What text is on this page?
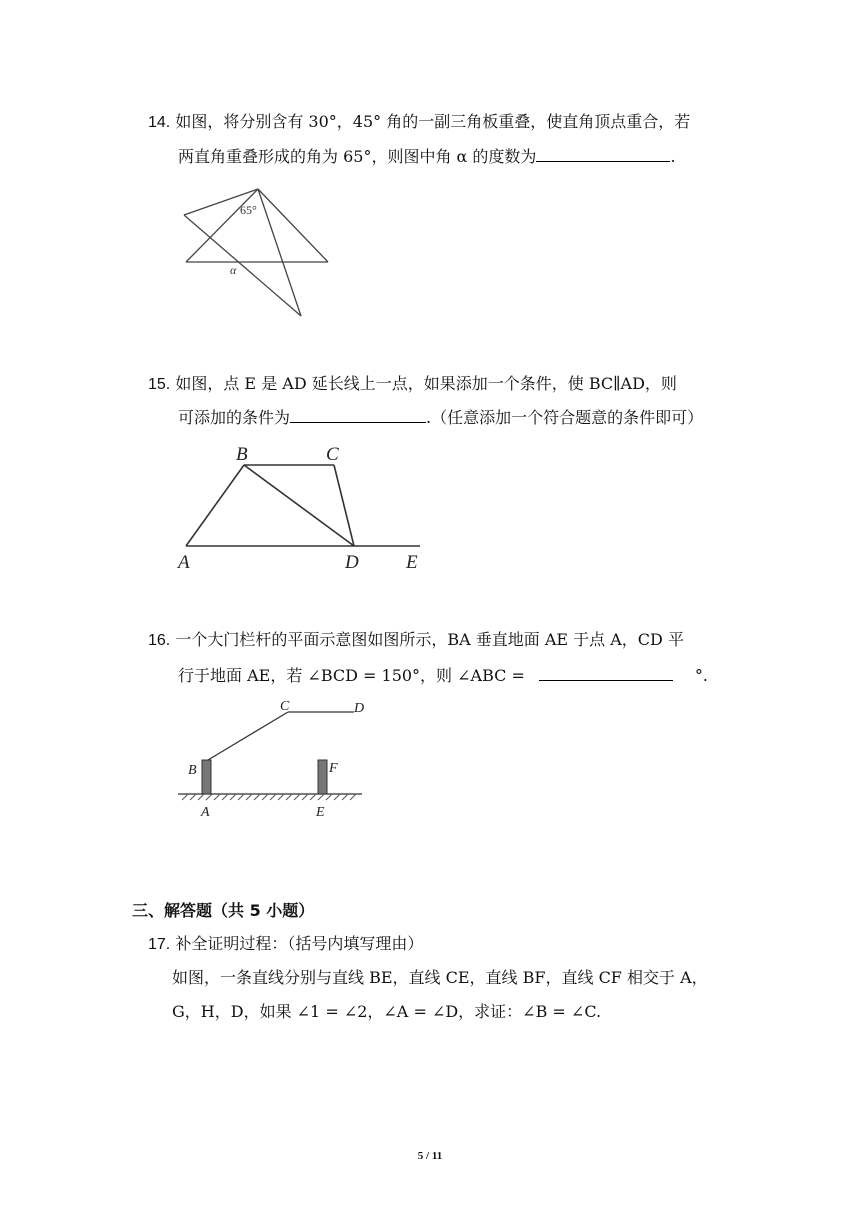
14. 如图，将分别含有 30°，45° 角的一副三角板重叠，使直角顶点重合，若
两直角重叠形成的角为 65°，则图中角 α 的度数为	.
65°
α
15. 如图，点 E 是 AD 延长线上一点，如果添加一个条件，使 BC∥AD，则
可添加的条件为	.（任意添加一个符合题意的条件即可）
A
B	C
D E
16. 一个大门栏杆的平面示意图如图所示，BA 垂直地面 AE 于点 A，CD 平
行于地面 AE，若 ∠BCD = 150°，则 ∠ABC =	°.
B
A
C	D
F
E
三、解答题（共 5 小题）
17. 补全证明过程：（括号内填写理由）
如图，一条直线分别与直线 BE，直线 CE，直线 BF，直线 CF 相交于 A，
G，H，D，如果 ∠1 = ∠2，∠A = ∠D，求证：∠B = ∠C.
5 / 11
